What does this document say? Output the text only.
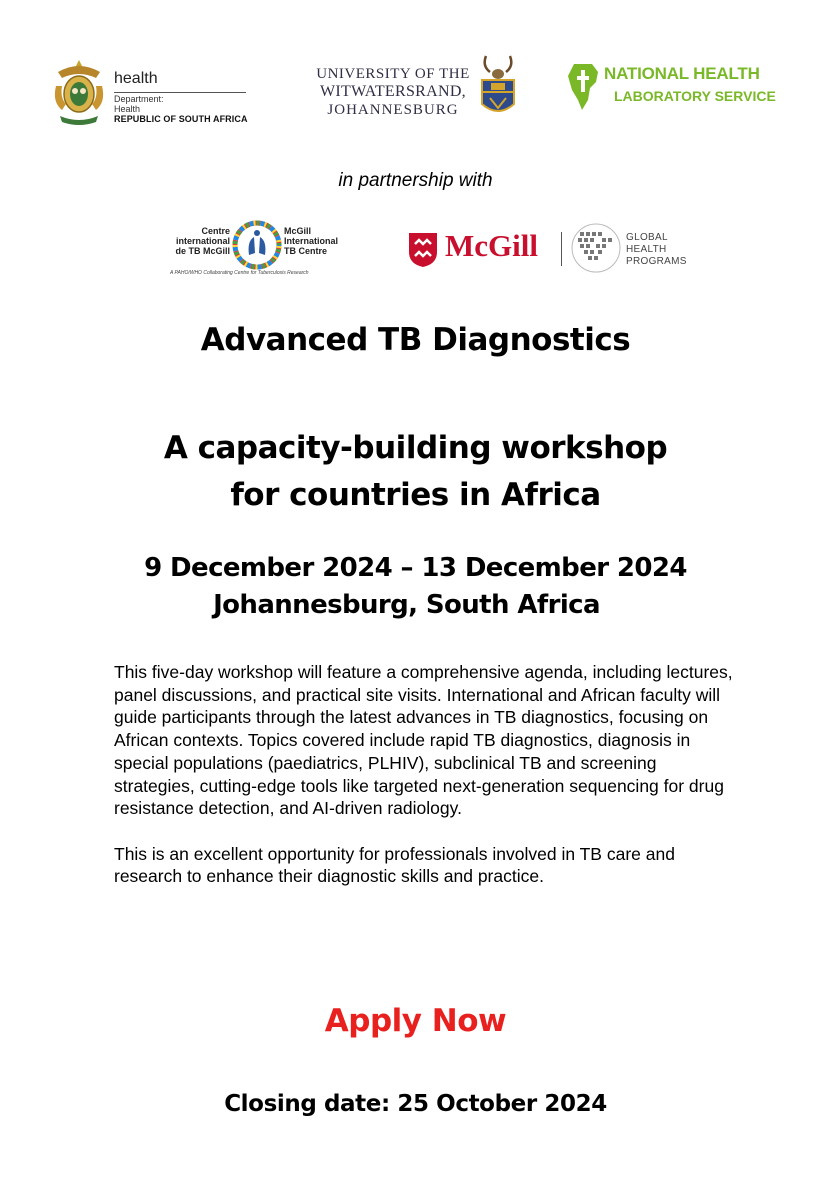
health
Department:
Health
REPUBLIC OF SOUTH AFRICA
UNIVERSITY OF THE
WITWATERSRAND,
JOHANNESBURG
NATIONAL HEALTH
LABORATORY SERVICE
in partnership with
Centre
international
de TB McGill
McGill
International
TB Centre
A PAHO/WHO Collaborating Centre for Tuberculosis Research
McGill	GLOBAL
HEALTH
PROGRAMS
Advanced TB Diagnostics
A capacity-building workshop
for countries in Africa
9 December 2024 – 13 December 2024
Johannesburg, South Africa

This five-day workshop will feature a comprehensive agenda, including lectures, panel discussions, and practical site visits. International and African faculty will guide participants through the latest advances in TB diagnostics, focusing on African contexts. Topics covered include rapid TB diagnostics, diagnosis in special populations (paediatrics, PLHIV), subclinical TB and screening strategies, cutting-edge tools like targeted next-generation sequencing for drug resistance detection, and AI-driven radiology.

This is an excellent opportunity for professionals involved in TB care and research to enhance their diagnostic skills and practice.

Apply Now
Closing date: 25 October 2024
